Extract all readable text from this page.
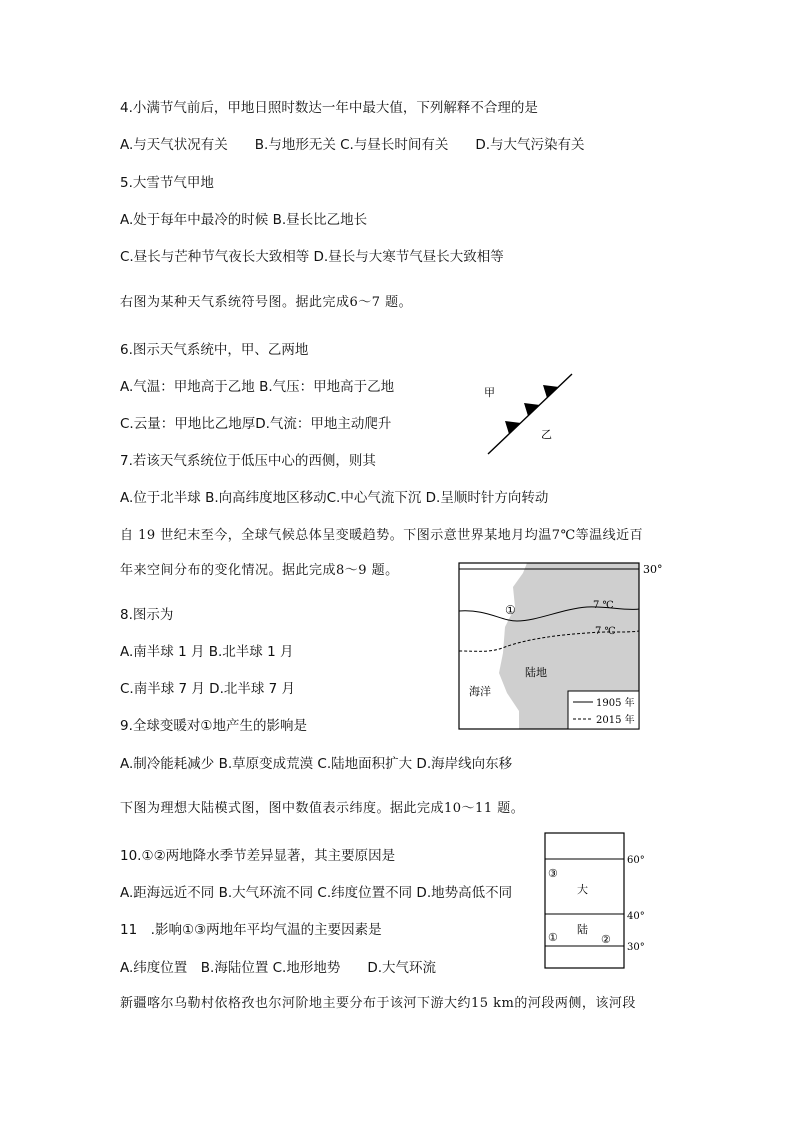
4.小满节气前后，甲地日照时数达一年中最大值，下列解释不合理的是
A.与天气状况有关　　B.与地形无关 C.与昼长时间有关　　D.与大气污染有关
5.大雪节气甲地
A.处于每年中最冷的时候 B.昼长比乙地长
C.昼长与芒种节气夜长大致相等 D.昼长与大寒节气昼长大致相等
右图为某种天气系统符号图。据此完成6～7 题。
6.图示天气系统中，甲、乙两地
A.气温：甲地高于乙地 B.气压：甲地高于乙地
C.云量：甲地比乙地厚D.气流：甲地主动爬升
甲
乙
7.若该天气系统位于低压中心的西侧，则其
A.位于北半球 B.向高纬度地区移动C.中心气流下沉 D.呈顺时针方向转动
自 19 世纪末至今，全球气候总体呈变暖趋势。下图示意世界某地月均温7℃等温线近百
年来空间分布的变化情况。据此完成8～9 题。	30°
7 ℃
7 ℃
①
陆地
海洋
1905 年
2015 年
8.图示为
A.南半球 1 月 B.北半球 1 月
C.南半球 7 月 D.北半球 7 月
9.全球变暖对①地产生的影响是
A.制冷能耗减少 B.草原变成荒漠 C.陆地面积扩大 D.海岸线向东移
下图为理想大陆模式图，图中数值表示纬度。据此完成10～11 题。
10.①②两地降水季节差异显著，其主要原因是
A.距海远近不同 B.大气环流不同 C.纬度位置不同 D.地势高低不同
11　.影响①③两地年平均气温的主要因素是
A.纬度位置　B.海陆位置 C.地形地势　　D.大气环流
60°
40°
30°
③
大
陆
①	②
新疆喀尔乌勒村依格孜也尔河阶地主要分布于该河下游大约15 km的河段两侧，该河段
